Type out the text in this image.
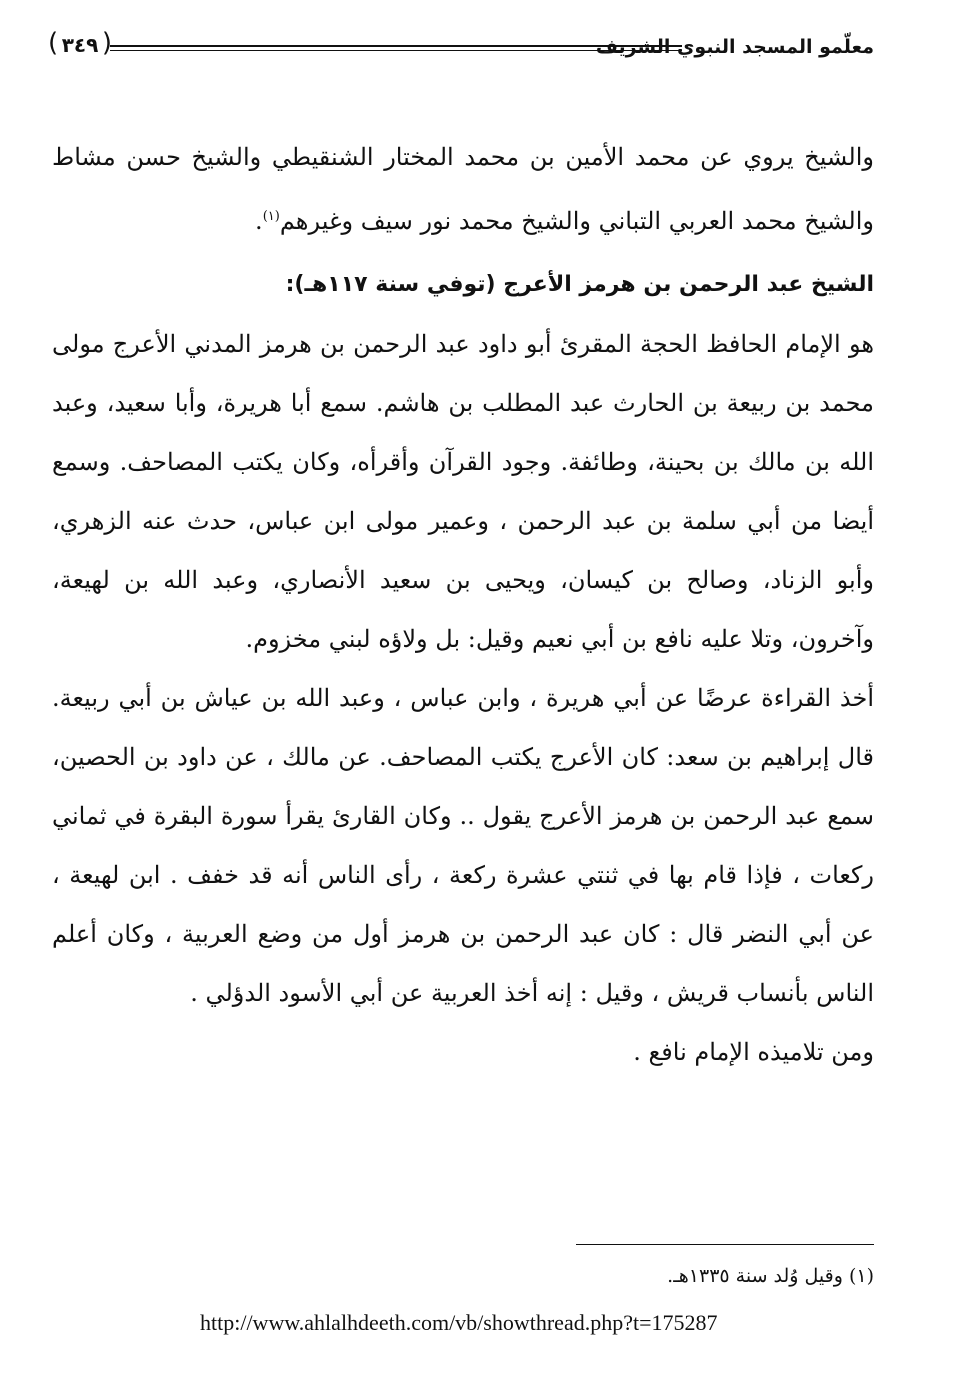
معلّمو المسجد النبوي الشريف
( ٣٤٩ )

والشيخ يروي عن محمد الأمين بن محمد المختار الشنقيطي والشيخ حسن مشاط والشيخ محمد العربي التباني والشيخ محمد نور سيف وغيرهم$^{(١)}$.

الشيخ عبد الرحمن بن هرمز الأعرج (توفي سنة ١١٧هـ):

هو الإمام الحافظ الحجة المقرئ أبو داود عبد الرحمن بن هرمز المدني الأعرج مولى محمد بن ربيعة بن الحارث عبد المطلب بن هاشم. سمع أبا هريرة، وأبا سعيد، وعبد الله بن مالك بن بحينة، وطائفة. وجود القرآن وأقرأه، وكان يكتب المصاحف. وسمع أيضا من أبي سلمة بن عبد الرحمن ، وعمير مولى ابن عباس، حدث عنه الزهري، وأبو الزناد، وصالح بن كيسان، ويحيى بن سعيد الأنصاري، وعبد الله بن لهيعة، وآخرون، وتلا عليه نافع بن أبي نعيم وقيل: بل ولاؤه لبني مخزوم.

أخذ القراءة عرضًا عن أبي هريرة ، وابن عباس ، وعبد الله بن عياش بن أبي ربيعة. قال إبراهيم بن سعد: كان الأعرج يكتب المصاحف. عن مالك ، عن داود بن الحصين، سمع عبد الرحمن بن هرمز الأعرج يقول .. وكان القارئ يقرأ سورة البقرة في ثماني ركعات ، فإذا قام بها في ثنتي عشرة ركعة ، رأى الناس أنه قد خفف . ابن لهيعة ، عن أبي النضر قال : كان عبد الرحمن بن هرمز أول من وضع العربية ، وكان أعلم الناس بأنساب قريش ، وقيل : إنه أخذ العربية عن أبي الأسود الدؤلي .

ومن تلاميذه الإمام نافع .

(١) وقيل وُلد سنة ١٣٣٥هـ.
http://www.ahlalhdeeth.com/vb/showthread.php?t=175287
